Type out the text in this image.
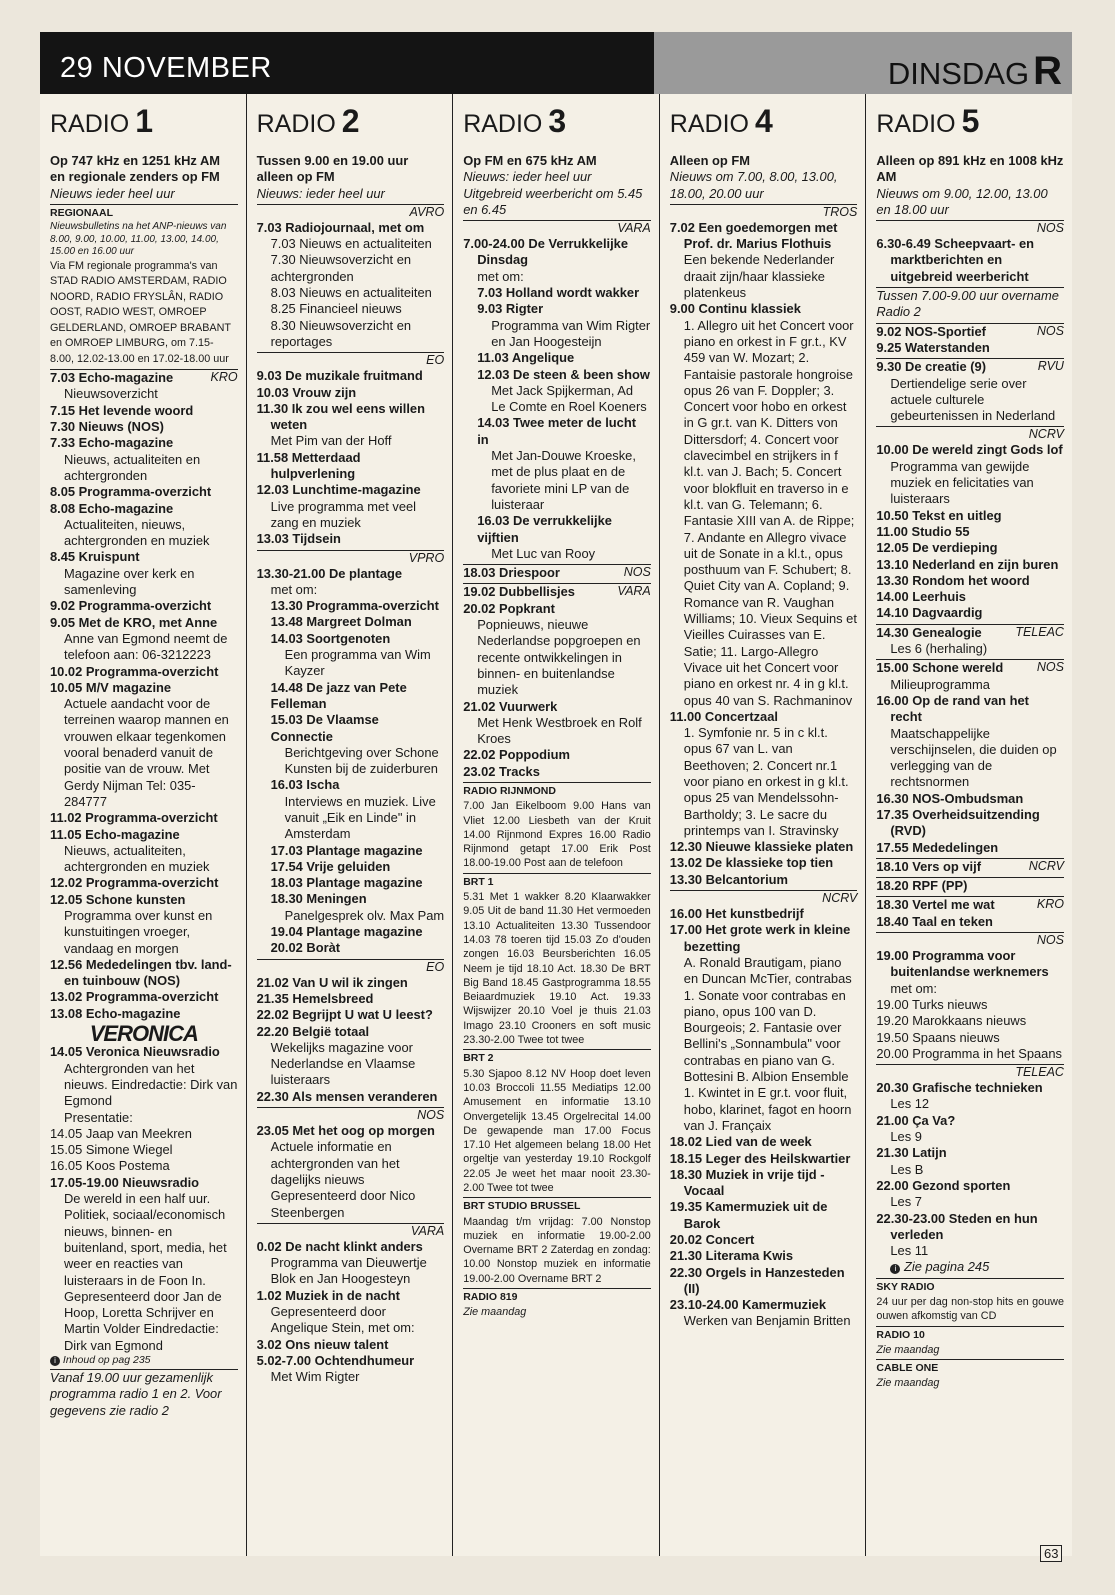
29 NOVEMBER	DINSDAG R
RADIO 1
Op 747 kHz en 1251 kHz AM en regionale zenders op FM
Nieuws ieder heel uur
REGIONAAL
Nieuwsbulletins na het ANP-nieuws van 8.00, 9.00, 10.00, 11.00, 13.00, 14.00, 15.00 en 16.00 uur
Via FM regionale programma's van STAD RADIO AMSTERDAM, RADIO NOORD, RADIO FRYSLÂN, RADIO OOST, RADIO WEST, OMROEP GELDERLAND, OMROEP BRABANT en OMROEP LIMBURG, om 7.15-8.00, 12.02-13.00 en 17.02-18.00 uur
7.03 Echo-magazine	KRO
Nieuwsoverzicht
7.15 Het levende woord
7.30 Nieuws (NOS)
7.33 Echo-magazine
Nieuws, actualiteiten en achtergronden
8.05 Programma-overzicht
8.08 Echo-magazine
Actualiteiten, nieuws, achtergronden en muziek
8.45 Kruispunt
Magazine over kerk en samenleving
9.02 Programma-overzicht
9.05 Met de KRO, met Anne
Anne van Egmond neemt de telefoon aan: 06-3212223
10.02 Programma-overzicht
10.05 M/V magazine
Actuele aandacht voor de terreinen waarop mannen en vrouwen elkaar tegenkomen vooral benaderd vanuit de positie van de vrouw. Met Gerdy Nijman Tel: 035-284777
11.02 Programma-overzicht
11.05 Echo-magazine
Nieuws, actualiteiten, achtergronden en muziek
12.02 Programma-overzicht
12.05 Schone kunsten
Programma over kunst en kunstuitingen vroeger, vandaag en morgen
12.56 Mededelingen tbv. land- en tuinbouw (NOS)
13.02 Programma-overzicht
13.08 Echo-magazine
VERONICA
14.05 Veronica Nieuwsradio
Achtergronden van het nieuws. Eindredactie: Dirk van Egmond
Presentatie:
14.05 Jaap van Meekren
15.05 Simone Wiegel
16.05 Koos Postema
17.05-19.00 Nieuwsradio
De wereld in een half uur. Politiek, sociaal/economisch nieuws, binnen- en buitenland, sport, media, het weer en reacties van luisteraars in de Foon In. Gepresenteerd door Jan de Hoop, Loretta Schrijver en Martin Volder Eindredactie: Dirk van Egmond
i Inhoud op pag 235
Vanaf 19.00 uur gezamenlijk programma radio 1 en 2. Voor gegevens zie radio 2
RADIO 2
Tussen 9.00 en 19.00 uur alleen op FM
Nieuws: ieder heel uur
AVRO
7.03 Radiojournaal, met om
7.03 Nieuws en actualiteiten
7.30 Nieuwsoverzicht en achtergronden
8.03 Nieuws en actualiteiten
8.25 Financieel nieuws
8.30 Nieuwsoverzicht en reportages
EO
9.03 De muzikale fruitmand
10.03 Vrouw zijn
11.30 Ik zou wel eens willen weten
Met Pim van der Hoff
11.58 Metterdaad hulpverlening
12.03 Lunchtime-magazine
Live programma met veel zang en muziek
13.03 Tijdsein
VPRO
13.30-21.00 De plantage
met om:
13.30 Programma-overzicht
13.48 Margreet Dolman
14.03 Soortgenoten
Een programma van Wim Kayzer
14.48 De jazz van Pete Felleman
15.03 De Vlaamse Connectie
Berichtgeving over Schone Kunsten bij de zuiderburen
16.03 Ischa
Interviews en muziek. Live vanuit „Eik en Linde" in Amsterdam
17.03 Plantage magazine
17.54 Vrije geluiden
18.03 Plantage magazine
18.30 Meningen
Panelgesprek olv. Max Pam
19.04 Plantage magazine
20.02 Boràt
EO
21.02 Van U wil ik zingen
21.35 Hemelsbreed
22.02 Begrijpt U wat U leest?
22.20 België totaal
Wekelijks magazine voor Nederlandse en Vlaamse luisteraars
22.30 Als mensen veranderen
NOS
23.05 Met het oog op morgen
Actuele informatie en achtergronden van het dagelijks nieuws Gepresenteerd door Nico Steenbergen
VARA
0.02 De nacht klinkt anders
Programma van Dieuwertje Blok en Jan Hoogesteyn
1.02 Muziek in de nacht
Gepresenteerd door Angelique Stein, met om:
3.02 Ons nieuw talent
5.02-7.00 Ochtendhumeur
Met Wim Rigter
RADIO 3
Op FM en 675 kHz AM
Nieuws: ieder heel uur Uitgebreid weerbericht om 5.45 en 6.45
VARA
7.00-24.00 De Verrukkelijke Dinsdag
met om:
7.03 Holland wordt wakker
9.03 Rigter
Programma van Wim Rigter en Jan Hoogesteijn
11.03 Angelique
12.03 De steen & been show
Met Jack Spijkerman, Ad Le Comte en Roel Koeners
14.03 Twee meter de lucht in
Met Jan-Douwe Kroeske, met de plus plaat en de favoriete mini LP van de luisteraar
16.03 De verrukkelijke vijftien
Met Luc van Rooy
18.03 Driespoor	NOS
19.02 Dubbellisjes	VARA
20.02 Popkrant
Popnieuws, nieuwe Nederlandse popgroepen en recente ontwikkelingen in binnen- en buitenlandse muziek
21.02 Vuurwerk
Met Henk Westbroek en Rolf Kroes
22.02 Poppodium
23.02 Tracks
RADIO RIJNMOND
7.00 Jan Eikelboom 9.00 Hans van Vliet 12.00 Liesbeth van der Kruit 14.00 Rijnmond Expres 16.00 Radio Rijnmond getapt 17.00 Erik Post 18.00-19.00 Post aan de telefoon
BRT 1
5.31 Met 1 wakker 8.20 Klaarwakker 9.05 Uit de band 11.30 Het vermoeden 13.10 Actualiteiten 13.30 Tussendoor 14.03 78 toeren tijd 15.03 Zo d'ouden zongen 16.03 Beursberichten 16.05 Neem je tijd 18.10 Act. 18.30 De BRT Big Band 18.45 Gastprogramma 18.55 Beiaardmuziek 19.10 Act. 19.33 Wijswijzer 20.10 Voel je thuis 21.03 Imago 23.10 Crooners en soft music 23.30-2.00 Twee tot twee
BRT 2
5.30 Sjapoo 8.12 NV Hoop doet leven 10.03 Broccoli 11.55 Mediatips 12.00 Amusement en informatie 13.10 Onvergetelijk 13.45 Orgelrecital 14.00 De gewapende man 17.00 Focus 17.10 Het algemeen belang 18.00 Het orgeltje van yesterday 19.10 Rockgolf 22.05 Je weet het maar nooit 23.30-2.00 Twee tot twee
BRT STUDIO BRUSSEL
Maandag t/m vrijdag: 7.00 Nonstop muziek en informatie 19.00-2.00 Overname BRT 2 Zaterdag en zondag: 10.00 Nonstop muziek en informatie 19.00-2.00 Overname BRT 2
RADIO 819
Zie maandag
RADIO 4
Alleen op FM
Nieuws om 7.00, 8.00, 13.00, 18.00, 20.00 uur
TROS
7.02 Een goedemorgen met Prof. dr. Marius Flothuis
Een bekende Nederlander draait zijn/haar klassieke platenkeus
9.00 Continu klassiek
1. Allegro uit het Concert voor piano en orkest in F gr.t., KV 459 van W. Mozart; 2. Fantaisie pastorale hongroise opus 26 van F. Doppler; 3. Concert voor hobo en orkest in G gr.t. van K. Ditters von Dittersdorf; 4. Concert voor clavecimbel en strijkers in f kl.t. van J. Bach; 5. Concert voor blokfluit en traverso in e kl.t. van G. Telemann; 6. Fantasie XIII van A. de Rippe; 7. Andante en Allegro vivace uit de Sonate in a kl.t., opus posthuum van F. Schubert; 8. Quiet City van A. Copland; 9. Romance van R. Vaughan Williams; 10. Vieux Sequins et Vieilles Cuirasses van E. Satie; 11. Largo-Allegro Vivace uit het Concert voor piano en orkest nr. 4 in g kl.t. opus 40 van S. Rachmaninov
11.00 Concertzaal
1. Symfonie nr. 5 in c kl.t. opus 67 van L. van Beethoven; 2. Concert nr.1 voor piano en orkest in g kl.t. opus 25 van Mendelssohn-Bartholdy; 3. Le sacre du printemps van I. Stravinsky
12.30 Nieuwe klassieke platen
13.02 De klassieke top tien
13.30 Belcantorium
NCRV
16.00 Het kunstbedrijf
17.00 Het grote werk in kleine bezetting
A. Ronald Brautigam, piano en Duncan McTier, contrabas 1. Sonate voor contrabas en piano, opus 100 van D. Bourgeois; 2. Fantasie over Bellini's „Sonnambula" voor contrabas en piano van G. Bottesini B. Albion Ensemble 1. Kwintet in E gr.t. voor fluit, hobo, klarinet, fagot en hoorn van J. Françaix
18.02 Lied van de week
18.15 Leger des Heilskwartier
18.30 Muziek in vrije tijd - Vocaal
19.35 Kamermuziek uit de Barok
20.02 Concert
21.30 Literama Kwis
22.30 Orgels in Hanzesteden (II)
23.10-24.00 Kamermuziek
Werken van Benjamin Britten
RADIO 5
Alleen op 891 kHz en 1008 kHz AM
Nieuws om 9.00, 12.00, 13.00 en 18.00 uur
NOS
6.30-6.49 Scheepvaart- en marktberichten en uitgebreid weerbericht
Tussen 7.00-9.00 uur overname Radio 2
9.02 NOS-Sportief	NOS
9.25 Waterstanden
9.30 De creatie (9)	RVU
Dertiendelige serie over actuele culturele gebeurtenissen in Nederland
NCRV
10.00 De wereld zingt Gods lof
Programma van gewijde muziek en felicitaties van luisteraars
10.50 Tekst en uitleg
11.00 Studio 55
12.05 De verdieping
13.10 Nederland en zijn buren
13.30 Rondom het woord
14.00 Leerhuis
14.10 Dagvaardig
14.30 Genealogie	TELEAC
Les 6 (herhaling)
15.00 Schone wereld	NOS
Milieuprogramma
16.00 Op de rand van het recht
Maatschappelijke verschijnselen, die duiden op verlegging van de rechtsnormen
16.30 NOS-Ombudsman
17.35 Overheidsuitzending (RVD)
17.55 Mededelingen
18.10 Vers op vijf	NCRV
18.20 RPF (PP)
18.30 Vertel me wat	KRO
18.40 Taal en teken
NOS
19.00 Programma voor buitenlandse werknemers
met om:
19.00 Turks nieuws
19.20 Marokkaans nieuws
19.50 Spaans nieuws
20.00 Programma in het Spaans
TELEAC
20.30 Grafische technieken
Les 12
21.00 Ça Va?
Les 9
21.30 Latijn
Les B
22.00 Gezond sporten
Les 7
22.30-23.00 Steden en hun verleden
Les 11
i Zie pagina 245
SKY RADIO
24 uur per dag non-stop hits en gouwe ouwen afkomstig van CD
RADIO 10
Zie maandag
CABLE ONE
Zie maandag
63
